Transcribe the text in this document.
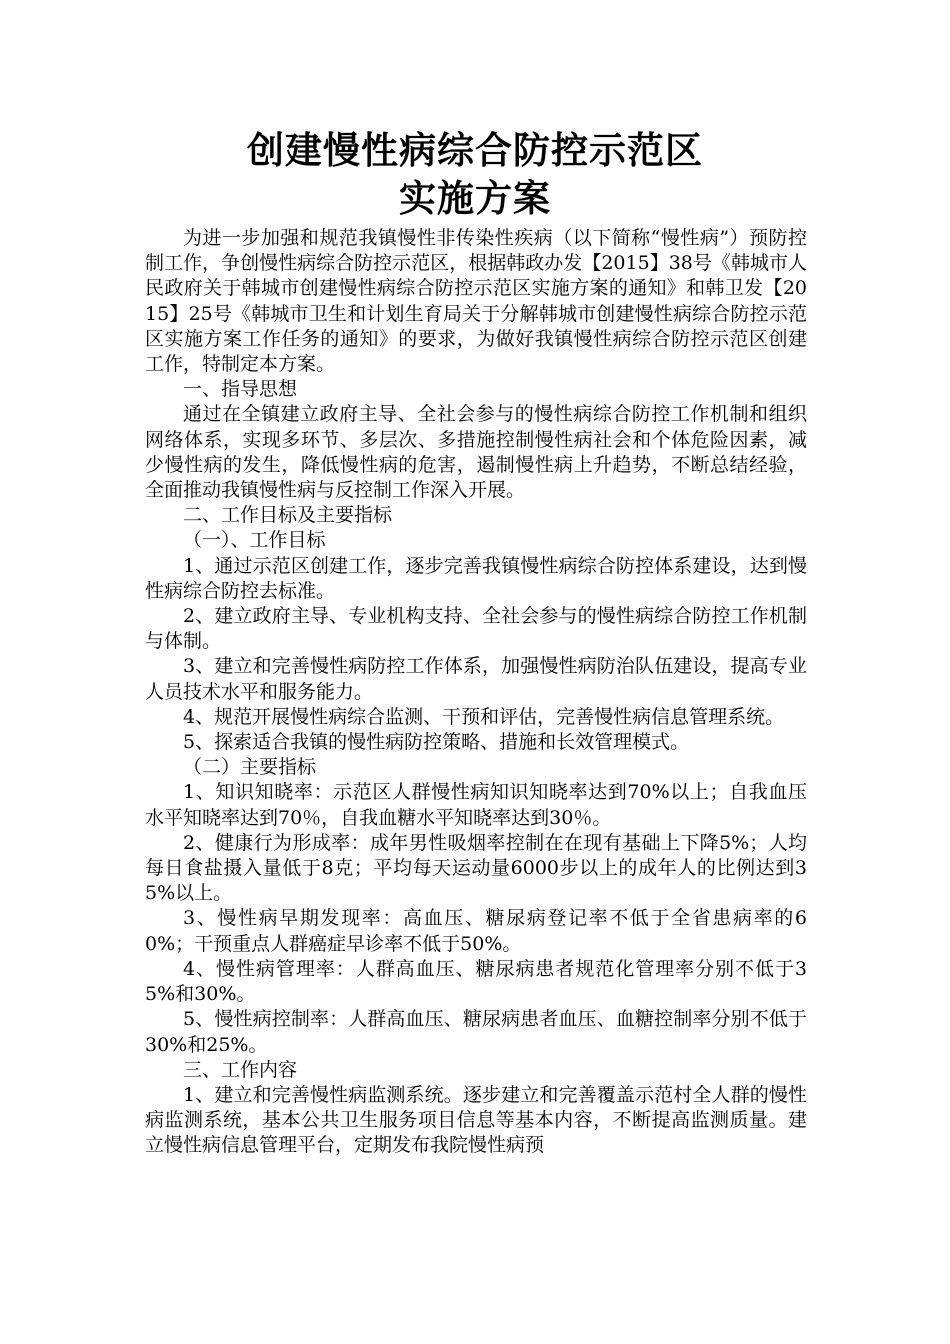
创建慢性病综合防控示范区
实施方案

为进一步加强和规范我镇慢性非传染性疾病（以下简称“慢性病”）预防控制工作，争创慢性病综合防控示范区，根据韩政办发【2015】38号《韩城市人民政府关于韩城市创建慢性病综合防控示范区实施方案的通知》和韩卫发【2015】25号《韩城市卫生和计划生育局关于分解韩城市创建慢性病综合防控示范区实施方案工作任务的通知》的要求，为做好我镇慢性病综合防控示范区创建工作，特制定本方案。

一、指导思想

通过在全镇建立政府主导、全社会参与的慢性病综合防控工作机制和组织网络体系，实现多环节、多层次、多措施控制慢性病社会和个体危险因素，减少慢性病的发生，降低慢性病的危害，遏制慢性病上升趋势，不断总结经验，全面推动我镇慢性病与反控制工作深入开展。

二、工作目标及主要指标

（一）、工作目标

1、通过示范区创建工作，逐步完善我镇慢性病综合防控体系建设，达到慢性病综合防控去标准。

2、建立政府主导、专业机构支持、全社会参与的慢性病综合防控工作机制与体制。

3、建立和完善慢性病防控工作体系，加强慢性病防治队伍建设，提高专业人员技术水平和服务能力。

4、规范开展慢性病综合监测、干预和评估，完善慢性病信息管理系统。

5、探索适合我镇的慢性病防控策略、措施和长效管理模式。

（二）主要指标

1、知识知晓率：示范区人群慢性病知识知晓率达到70%以上；自我血压水平知晓率达到70％，自我血糖水平知晓率达到30％。

2、健康行为形成率：成年男性吸烟率控制在在现有基础上下降5%；人均每日食盐摄入量低于8克；平均每天运动量6000步以上的成年人的比例达到35%以上。

3、慢性病早期发现率：高血压、糖尿病登记率不低于全省患病率的60%；干预重点人群癌症早诊率不低于50%。

4、慢性病管理率：人群高血压、糖尿病患者规范化管理率分别不低于35%和30%。

5、慢性病控制率：人群高血压、糖尿病患者血压、血糖控制率分别不低于30%和25%。

三、工作内容

1、建立和完善慢性病监测系统。逐步建立和完善覆盖示范村全人群的慢性病监测系统，基本公共卫生服务项目信息等基本内容，不断提高监测质量。建立慢性病信息管理平台，定期发布我院慢性病预
